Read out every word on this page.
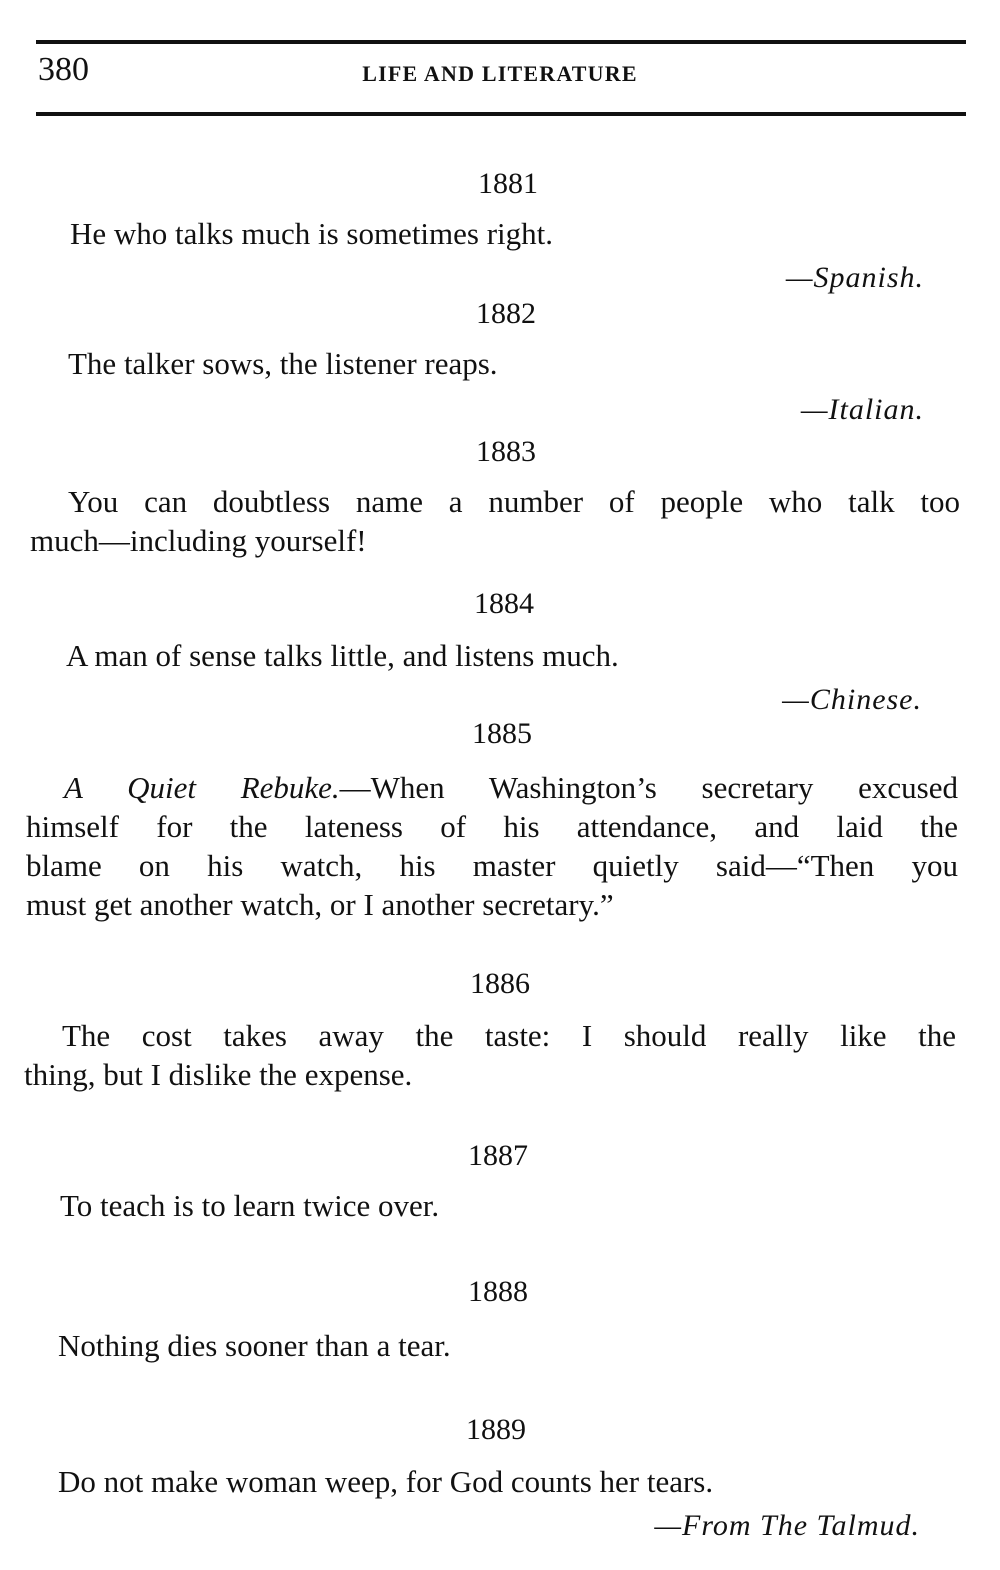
380	LIFE AND LITERATURE
1881
He who talks much is sometimes right.
—Spanish.
1882
The talker sows, the listener reaps.
—Italian.
1883
You can doubtless name a number of people who talk too
much—including yourself!
1884
A man of sense talks little, and listens much.
—Chinese.
1885
A Quiet Rebuke.—When Washington’s secretary excused
himself for the lateness of his attendance, and laid the
blame on his watch, his master quietly said—“Then you
must get another watch, or I another secretary.”
1886
The cost takes away the taste: I should really like the
thing, but I dislike the expense.
1887
To teach is to learn twice over.
1888
Nothing dies sooner than a tear.
1889
Do not make woman weep, for God counts her tears.
—From The Talmud.
